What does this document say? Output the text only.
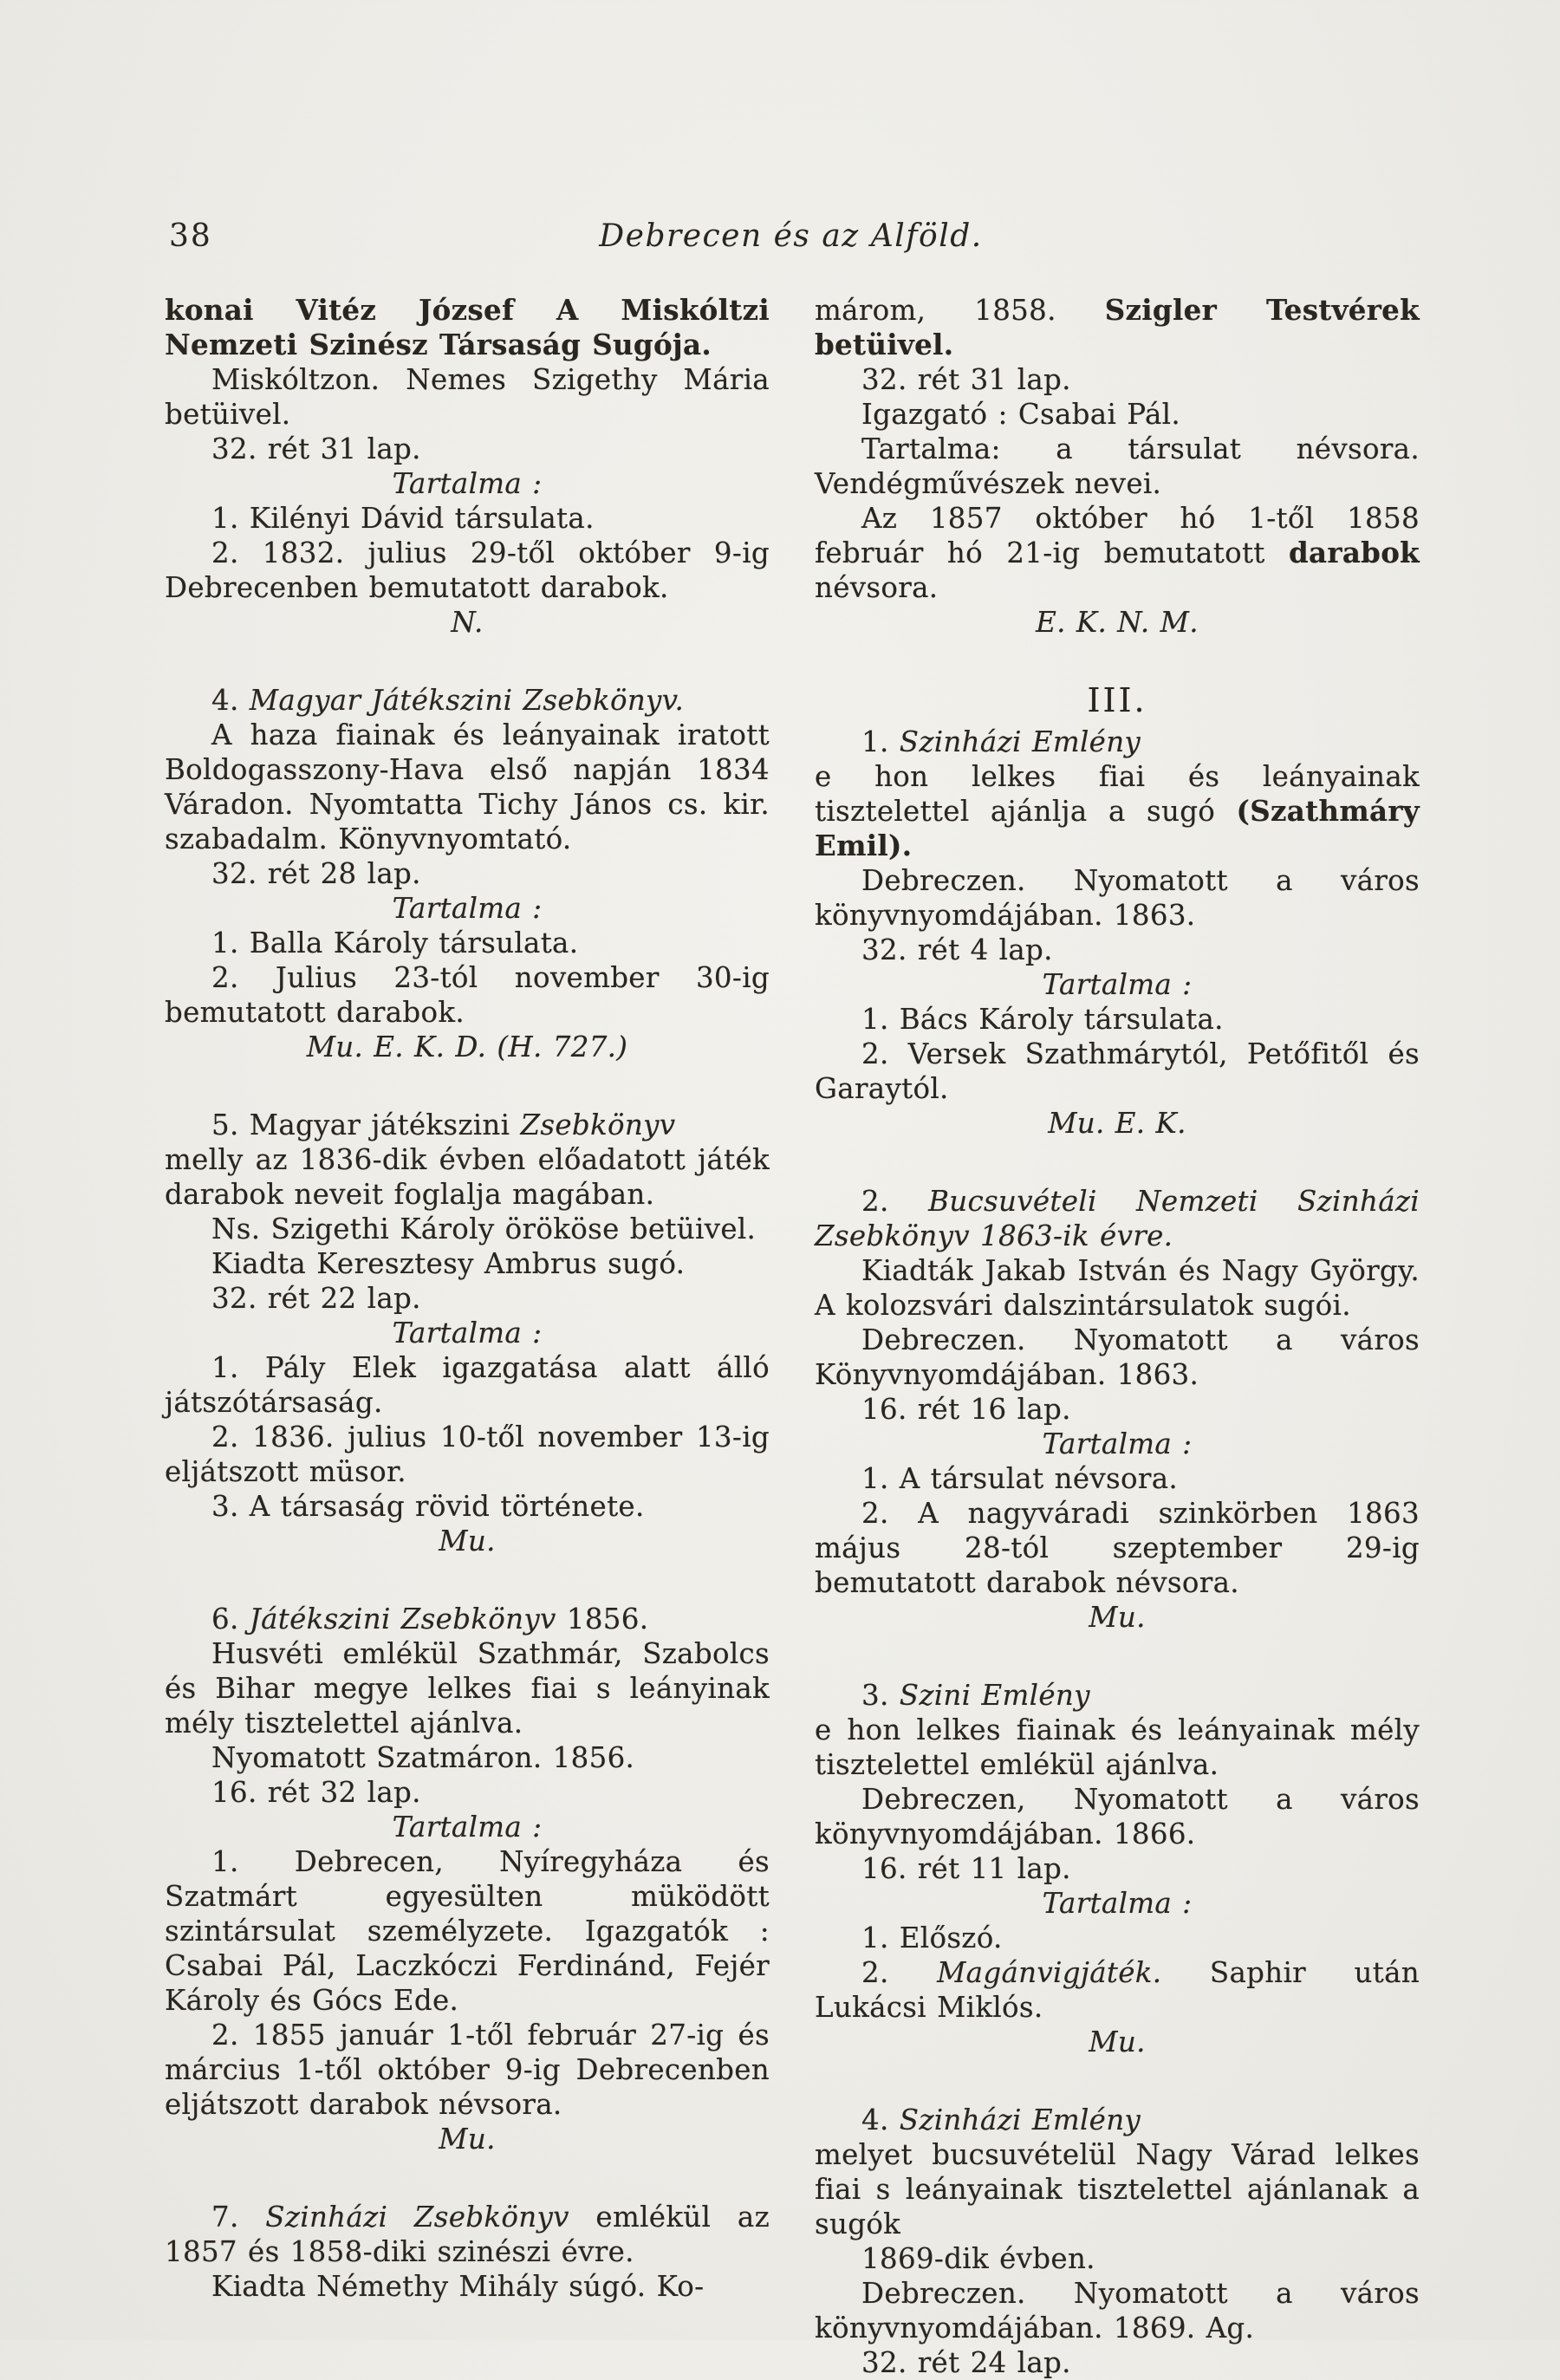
38	Debrecen és az Alföld.

konai Vitéz József A Miskóltzi Nemzeti Szinész Társaság Sugója.

Miskóltzon. Nemes Szigethy Mária betüivel.

32. rét 31 lap.

Tartalma :

1. Kilényi Dávid társulata.

2. 1832. julius 29-től október 9-ig Debrecenben bemutatott darabok.

N.

4. Magyar Játékszini Zsebkönyv.

A haza fiainak és leányainak iratott Boldogasszony-Hava első napján 1834 Váradon. Nyomtatta Tichy János cs. kir. szabadalm. Könyvnyomtató.

32. rét 28 lap.

Tartalma :

1. Balla Károly társulata.

2. Julius 23-tól november 30-ig bemutatott darabok.

Mu. E. K. D. (H. 727.)

5. Magyar játékszini Zsebkönyv

melly az 1836-dik évben előadatott játék darabok neveit foglalja magában.

Ns. Szigethi Károly örököse betüivel.

Kiadta Keresztesy Ambrus sugó.

32. rét 22 lap.

Tartalma :

1. Pály Elek igazgatása alatt álló játszótársaság.

2. 1836. julius 10-től november 13-ig eljátszott müsor.

3. A társaság rövid története.

Mu.

6. Játékszini Zsebkönyv 1856.

Husvéti emlékül Szathmár, Szabolcs és Bihar megye lelkes fiai s leányinak mély tisztelettel ajánlva.

Nyomatott Szatmáron. 1856.

16. rét 32 lap.

Tartalma :

1. Debrecen, Nyíregyháza és Szatmárt egyesülten müködött szintársulat személyzete. Igazgatók : Csabai Pál, Laczkóczi Ferdinánd, Fejér Károly és Gócs Ede.

2. 1855 január 1-től február 27-ig és március 1-től október 9-ig Debrecenben eljátszott darabok névsora.

Mu.

7. Szinházi Zsebkönyv emlékül az 1857 és 1858-diki szinészi évre.

Kiadta Némethy Mihály súgó. Ko-

márom, 1858. Szigler Testvérek betüivel.

32. rét 31 lap.

Igazgató : Csabai Pál.

Tartalma: a társulat névsora. Vendégművészek nevei.

Az 1857 október hó 1-től 1858 február hó 21-ig bemutatott darabok névsora.

E. K. N. M.

III.

1. Szinházi Emlény

e hon lelkes fiai és leányainak tisztelettel ajánlja a sugó (Szathmáry Emil).

Debreczen. Nyomatott a város könyvnyomdájában. 1863.

32. rét 4 lap.

Tartalma :

1. Bács Károly társulata.

2. Versek Szathmárytól, Petőfitől és Garaytól.

Mu. E. K.

2. Bucsuvételi Nemzeti Szinházi Zsebkönyv 1863-ik évre.

Kiadták Jakab István és Nagy György. A kolozsvári dalszintársulatok sugói.

Debreczen. Nyomatott a város Könyvnyomdájában. 1863.

16. rét 16 lap.

Tartalma :

1. A társulat névsora.

2. A nagyváradi szinkörben 1863 május 28-tól szeptember 29-ig bemutatott darabok névsora.

Mu.

3. Szini Emlény

e hon lelkes fiainak és leányainak mély tisztelettel emlékül ajánlva.

Debreczen, Nyomatott a város könyvnyomdájában. 1866.

16. rét 11 lap.

Tartalma :

1. Előszó.

2. Magánvigjáték. Saphir után Lukácsi Miklós.

Mu.

4. Szinházi Emlény

melyet bucsuvételül Nagy Várad lelkes fiai s leányainak tisztelettel ajánlanak a sugók

1869-dik évben.

Debreczen. Nyomatott a város könyvnyomdájában. 1869. Ag.

32. rét 24 lap.
